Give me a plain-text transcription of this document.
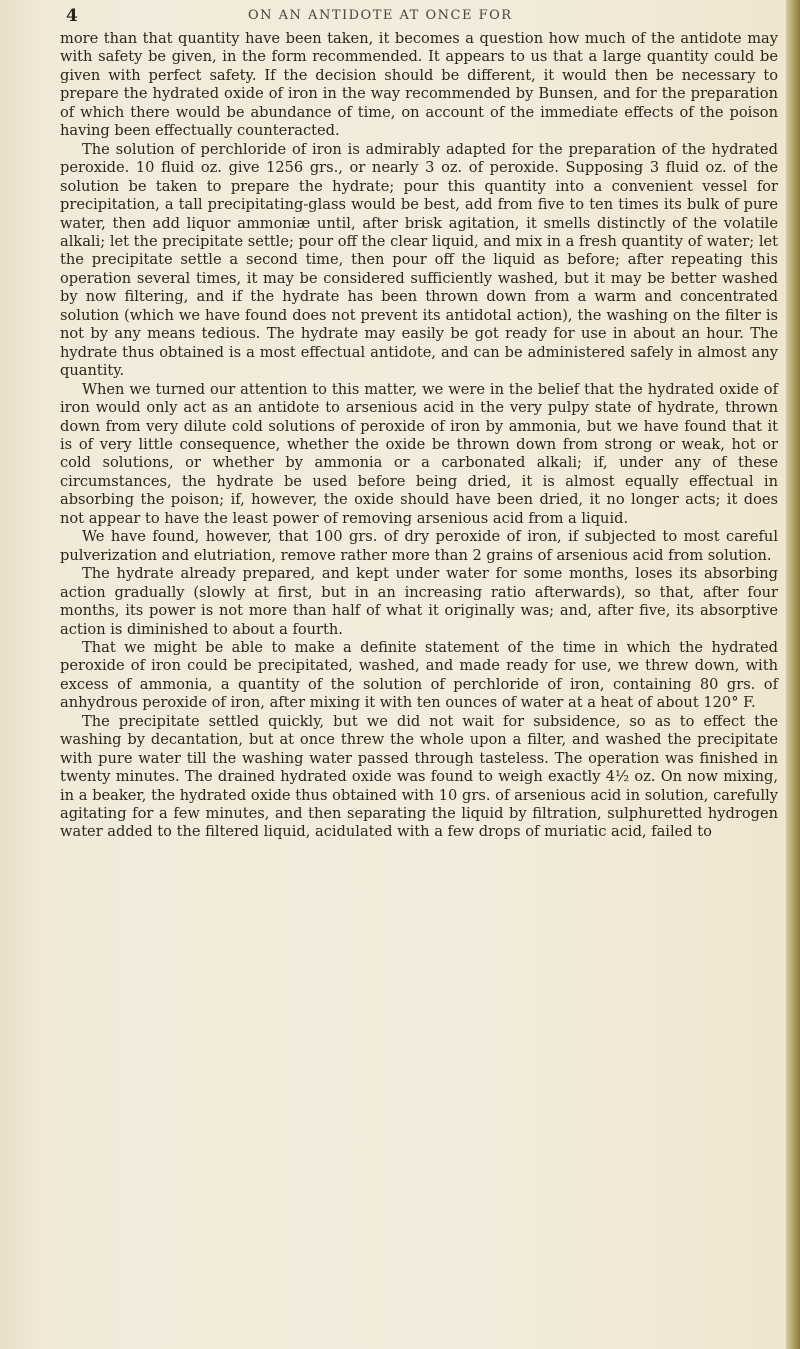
4	ON AN ANTIDOTE AT ONCE FOR

more than that quantity have been taken, it becomes a question how much of the antidote may with safety be given, in the form recommended. It appears to us that a large quantity could be given with perfect safety. If the decision should be different, it would then be necessary to prepare the hydrated oxide of iron in the way recommended by Bunsen, and for the preparation of which there would be abundance of time, on account of the immediate effects of the poison having been effectually counteracted.

The solution of perchloride of iron is admirably adapted for the preparation of the hydrated peroxide. 10 fluid oz. give 1256 grs., or nearly 3 oz. of peroxide. Supposing 3 fluid oz. of the solution be taken to prepare the hydrate; pour this quantity into a convenient vessel for precipitation, a tall precipitating-glass would be best, add from five to ten times its bulk of pure water, then add liquor ammoniæ until, after brisk agitation, it smells distinctly of the volatile alkali; let the precipitate settle; pour off the clear liquid, and mix in a fresh quantity of water; let the precipitate settle a second time, then pour off the liquid as before; after repeating this operation several times, it may be considered sufficiently washed, but it may be better washed by now filtering, and if the hydrate has been thrown down from a warm and concentrated solution (which we have found does not prevent its antidotal action), the washing on the filter is not by any means tedious. The hydrate may easily be got ready for use in about an hour. The hydrate thus obtained is a most effectual antidote, and can be administered safely in almost any quantity.

When we turned our attention to this matter, we were in the belief that the hydrated oxide of iron would only act as an antidote to arsenious acid in the very pulpy state of hydrate, thrown down from very dilute cold solutions of peroxide of iron by ammonia, but we have found that it is of very little consequence, whether the oxide be thrown down from strong or weak, hot or cold solutions, or whether by ammonia or a carbonated alkali; if, under any of these circumstances, the hydrate be used before being dried, it is almost equally effectual in absorbing the poison; if, however, the oxide should have been dried, it no longer acts; it does not appear to have the least power of removing arsenious acid from a liquid.

We have found, however, that 100 grs. of dry peroxide of iron, if subjected to most careful pulverization and elutriation, remove rather more than 2 grains of arsenious acid from solution.

The hydrate already prepared, and kept under water for some months, loses its absorbing action gradually (slowly at first, but in an increasing ratio afterwards), so that, after four months, its power is not more than half of what it originally was; and, after five, its absorptive action is diminished to about a fourth.

That we might be able to make a definite statement of the time in which the hydrated peroxide of iron could be precipitated, washed, and made ready for use, we threw down, with excess of ammonia, a quantity of the solution of perchloride of iron, containing 80 grs. of anhydrous peroxide of iron, after mixing it with ten ounces of water at a heat of about 120° F.

The precipitate settled quickly, but we did not wait for subsidence, so as to effect the washing by decantation, but at once threw the whole upon a filter, and washed the precipitate with pure water till the washing water passed through tasteless. The operation was finished in twenty minutes. The drained hydrated oxide was found to weigh exactly 4½ oz. On now mixing, in a beaker, the hydrated oxide thus obtained with 10 grs. of arsenious acid in solution, carefully agitating for a few minutes, and then separating the liquid by filtration, sulphuretted hydrogen water added to the filtered liquid, acidulated with a few drops of muriatic acid, failed to
